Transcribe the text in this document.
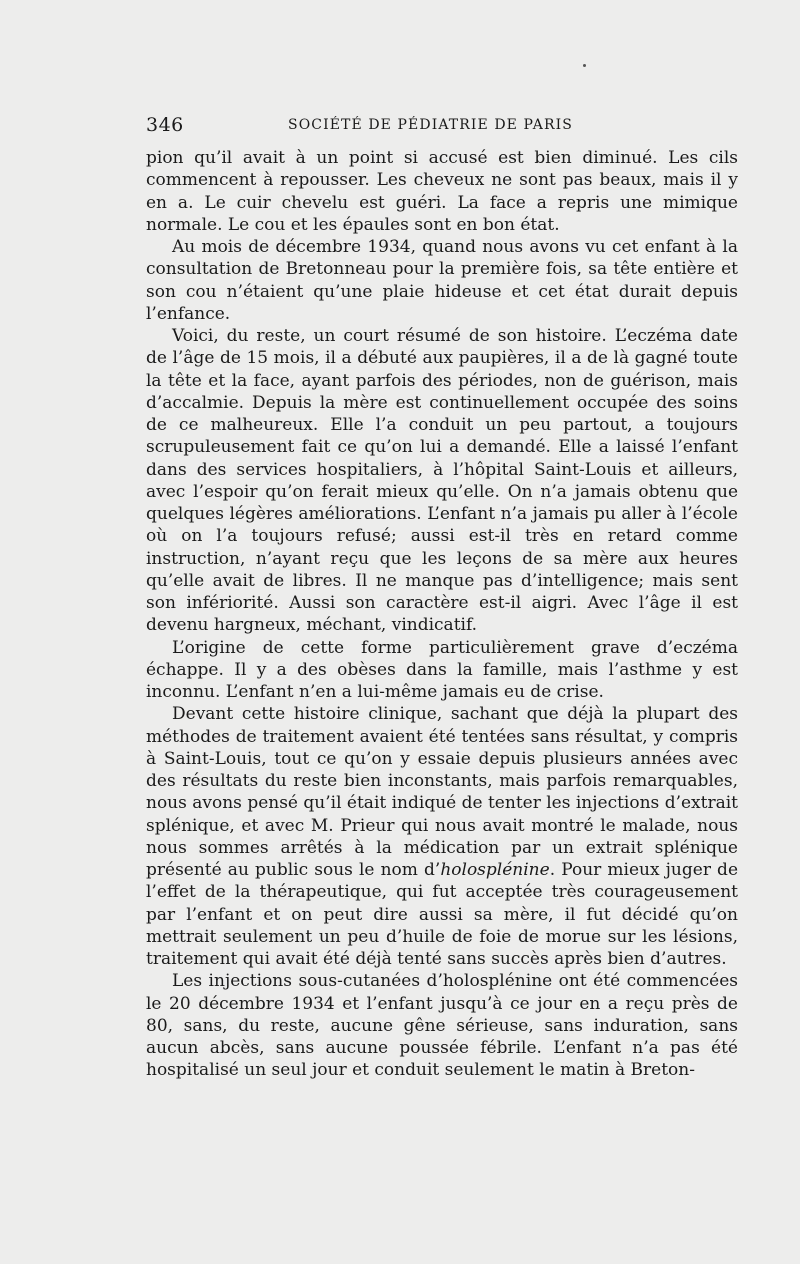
346	SOCIÉTÉ DE PÉDIATRIE DE PARIS

pion qu’il avait à un point si accusé est bien diminué. Les cils commencent à repousser. Les cheveux ne sont pas beaux, mais il y en a. Le cuir chevelu est guéri. La face a repris une mimique normale. Le cou et les épaules sont en bon état.

Au mois de décembre 1934, quand nous avons vu cet enfant à la consultation de Bretonneau pour la première fois, sa tête entière et son cou n’étaient qu’une plaie hideuse et cet état durait depuis l’enfance.

Voici, du reste, un court résumé de son histoire. L’eczéma date de l’âge de 15 mois, il a débuté aux paupières, il a de là gagné toute la tête et la face, ayant parfois des périodes, non de guérison, mais d’accalmie. Depuis la mère est continuellement occupée des soins de ce malheureux. Elle l’a conduit un peu partout, a toujours scrupuleusement fait ce qu’on lui a demandé. Elle a laissé l’enfant dans des services hospitaliers, à l’hôpital Saint-Louis et ailleurs, avec l’espoir qu’on ferait mieux qu’elle. On n’a jamais obtenu que quelques légères améliorations. L’enfant n’a jamais pu aller à l’école où on l’a toujours refusé; aussi est-il très en retard comme instruction, n’ayant reçu que les leçons de sa mère aux heures qu’elle avait de libres. Il ne manque pas d’intelligence; mais sent son infériorité. Aussi son caractère est-il aigri. Avec l’âge il est devenu hargneux, méchant, vindicatif.

L’origine de cette forme particulièrement grave d’eczéma échappe. Il y a des obèses dans la famille, mais l’asthme y est inconnu. L’enfant n’en a lui-même jamais eu de crise.

Devant cette histoire clinique, sachant que déjà la plupart des méthodes de traitement avaient été tentées sans résultat, y compris à Saint-Louis, tout ce qu’on y essaie depuis plusieurs années avec des résultats du reste bien inconstants, mais parfois remarquables, nous avons pensé qu’il était indiqué de tenter les injections d’extrait splénique, et avec M. Prieur qui nous avait montré le malade, nous nous sommes arrêtés à la médication par un extrait splénique présenté au public sous le nom d’holosplénine. Pour mieux juger de l’effet de la thérapeutique, qui fut acceptée très courageusement par l’enfant et on peut dire aussi sa mère, il fut décidé qu’on mettrait seulement un peu d’huile de foie de morue sur les lésions, traitement qui avait été déjà tenté sans succès après bien d’autres.

Les injections sous-cutanées d’holosplénine ont été commencées le 20 décembre 1934 et l’enfant jusqu’à ce jour en a reçu près de 80, sans, du reste, aucune gêne sérieuse, sans induration, sans aucun abcès, sans aucune poussée fébrile. L’enfant n’a pas été hospitalisé un seul jour et conduit seulement le matin à Breton-
